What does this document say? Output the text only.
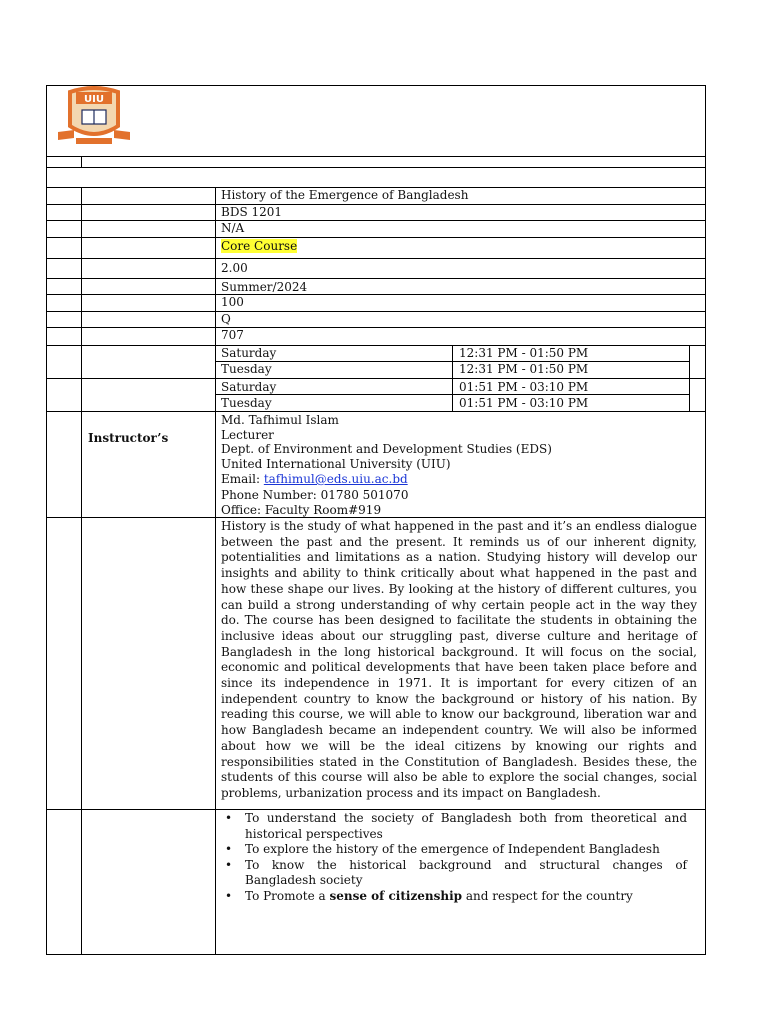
UIU
History of the Emergence of Bangladesh
BDS 1201
N/A
Core Course
2.00
Summer/2024
100
Q
707
Saturday	12:31 PM - 01:50 PM
Tuesday	12:31 PM - 01:50 PM
Saturday	01:51 PM - 03:10 PM
Tuesday	01:51 PM - 03:10 PM
Instructor’s
Md. Tafhimul Islam
Lecturer
Dept. of Environment and Development Studies (EDS)
United International University (UIU)
Email: tafhimul@eds.uiu.ac.bd
Phone Number: 01780 501070
Office: Faculty Room#919
History is the study of what happened in the past and it’s an endless dialogue between the past and the present. It reminds us of our inherent dignity, potentialities and limitations as a nation. Studying history will develop our insights and ability to think critically about what happened in the past and how these shape our lives. By looking at the history of different cultures, you can build a strong understanding of why certain people act in the way they do. The course has been designed to facilitate the students in obtaining the inclusive ideas about our struggling past, diverse culture and heritage of Bangladesh in the long historical background. It will focus on the social, economic and political developments that have been taken place before and since its independence in 1971. It is important for every citizen of an independent country to know the background or history of his nation. By reading this course, we will able to know our background, liberation war and how Bangladesh became an independent country. We will also be informed about how we will be the ideal citizens by knowing our rights and responsibilities stated in the Constitution of Bangladesh. Besides these, the students of this course will also be able to explore the social changes, social problems, urbanization process and its impact on Bangladesh.
• To understand the society of Bangladesh both from theoretical and historical perspectives
• To explore the history of the emergence of Independent Bangladesh
• To know the historical background and structural changes of Bangladesh society
• To Promote a sense of citizenship and respect for the country
